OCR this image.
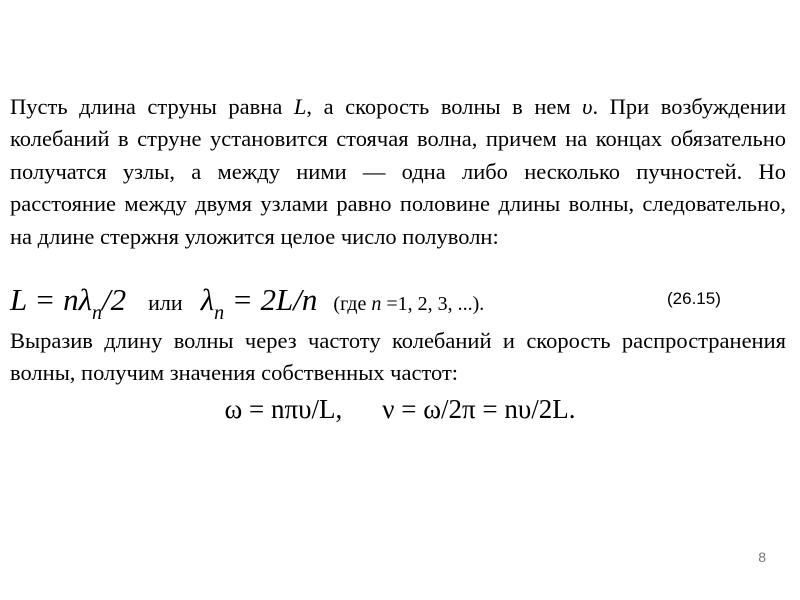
Пусть длина струны равна L, а скорость волны в нем υ. При возбуждении колебаний в струне установится стоячая волна, причем на концах обязательно получатся узлы, а между ними — одна либо несколько пучностей. Но расстояние между двумя узлами равно половине длины волны, следовательно, на длине стержня уложится целое число полуволн:

L = nλn/2 или λn = 2L/n (где n =1, 2, 3, ...).	(26.15)

Выразив длину волны через частоту колебаний и скорость распространения волны, получим значения собственных частот:

ω = nπυ/L, ν = ω/2π = nυ/2L.
8
